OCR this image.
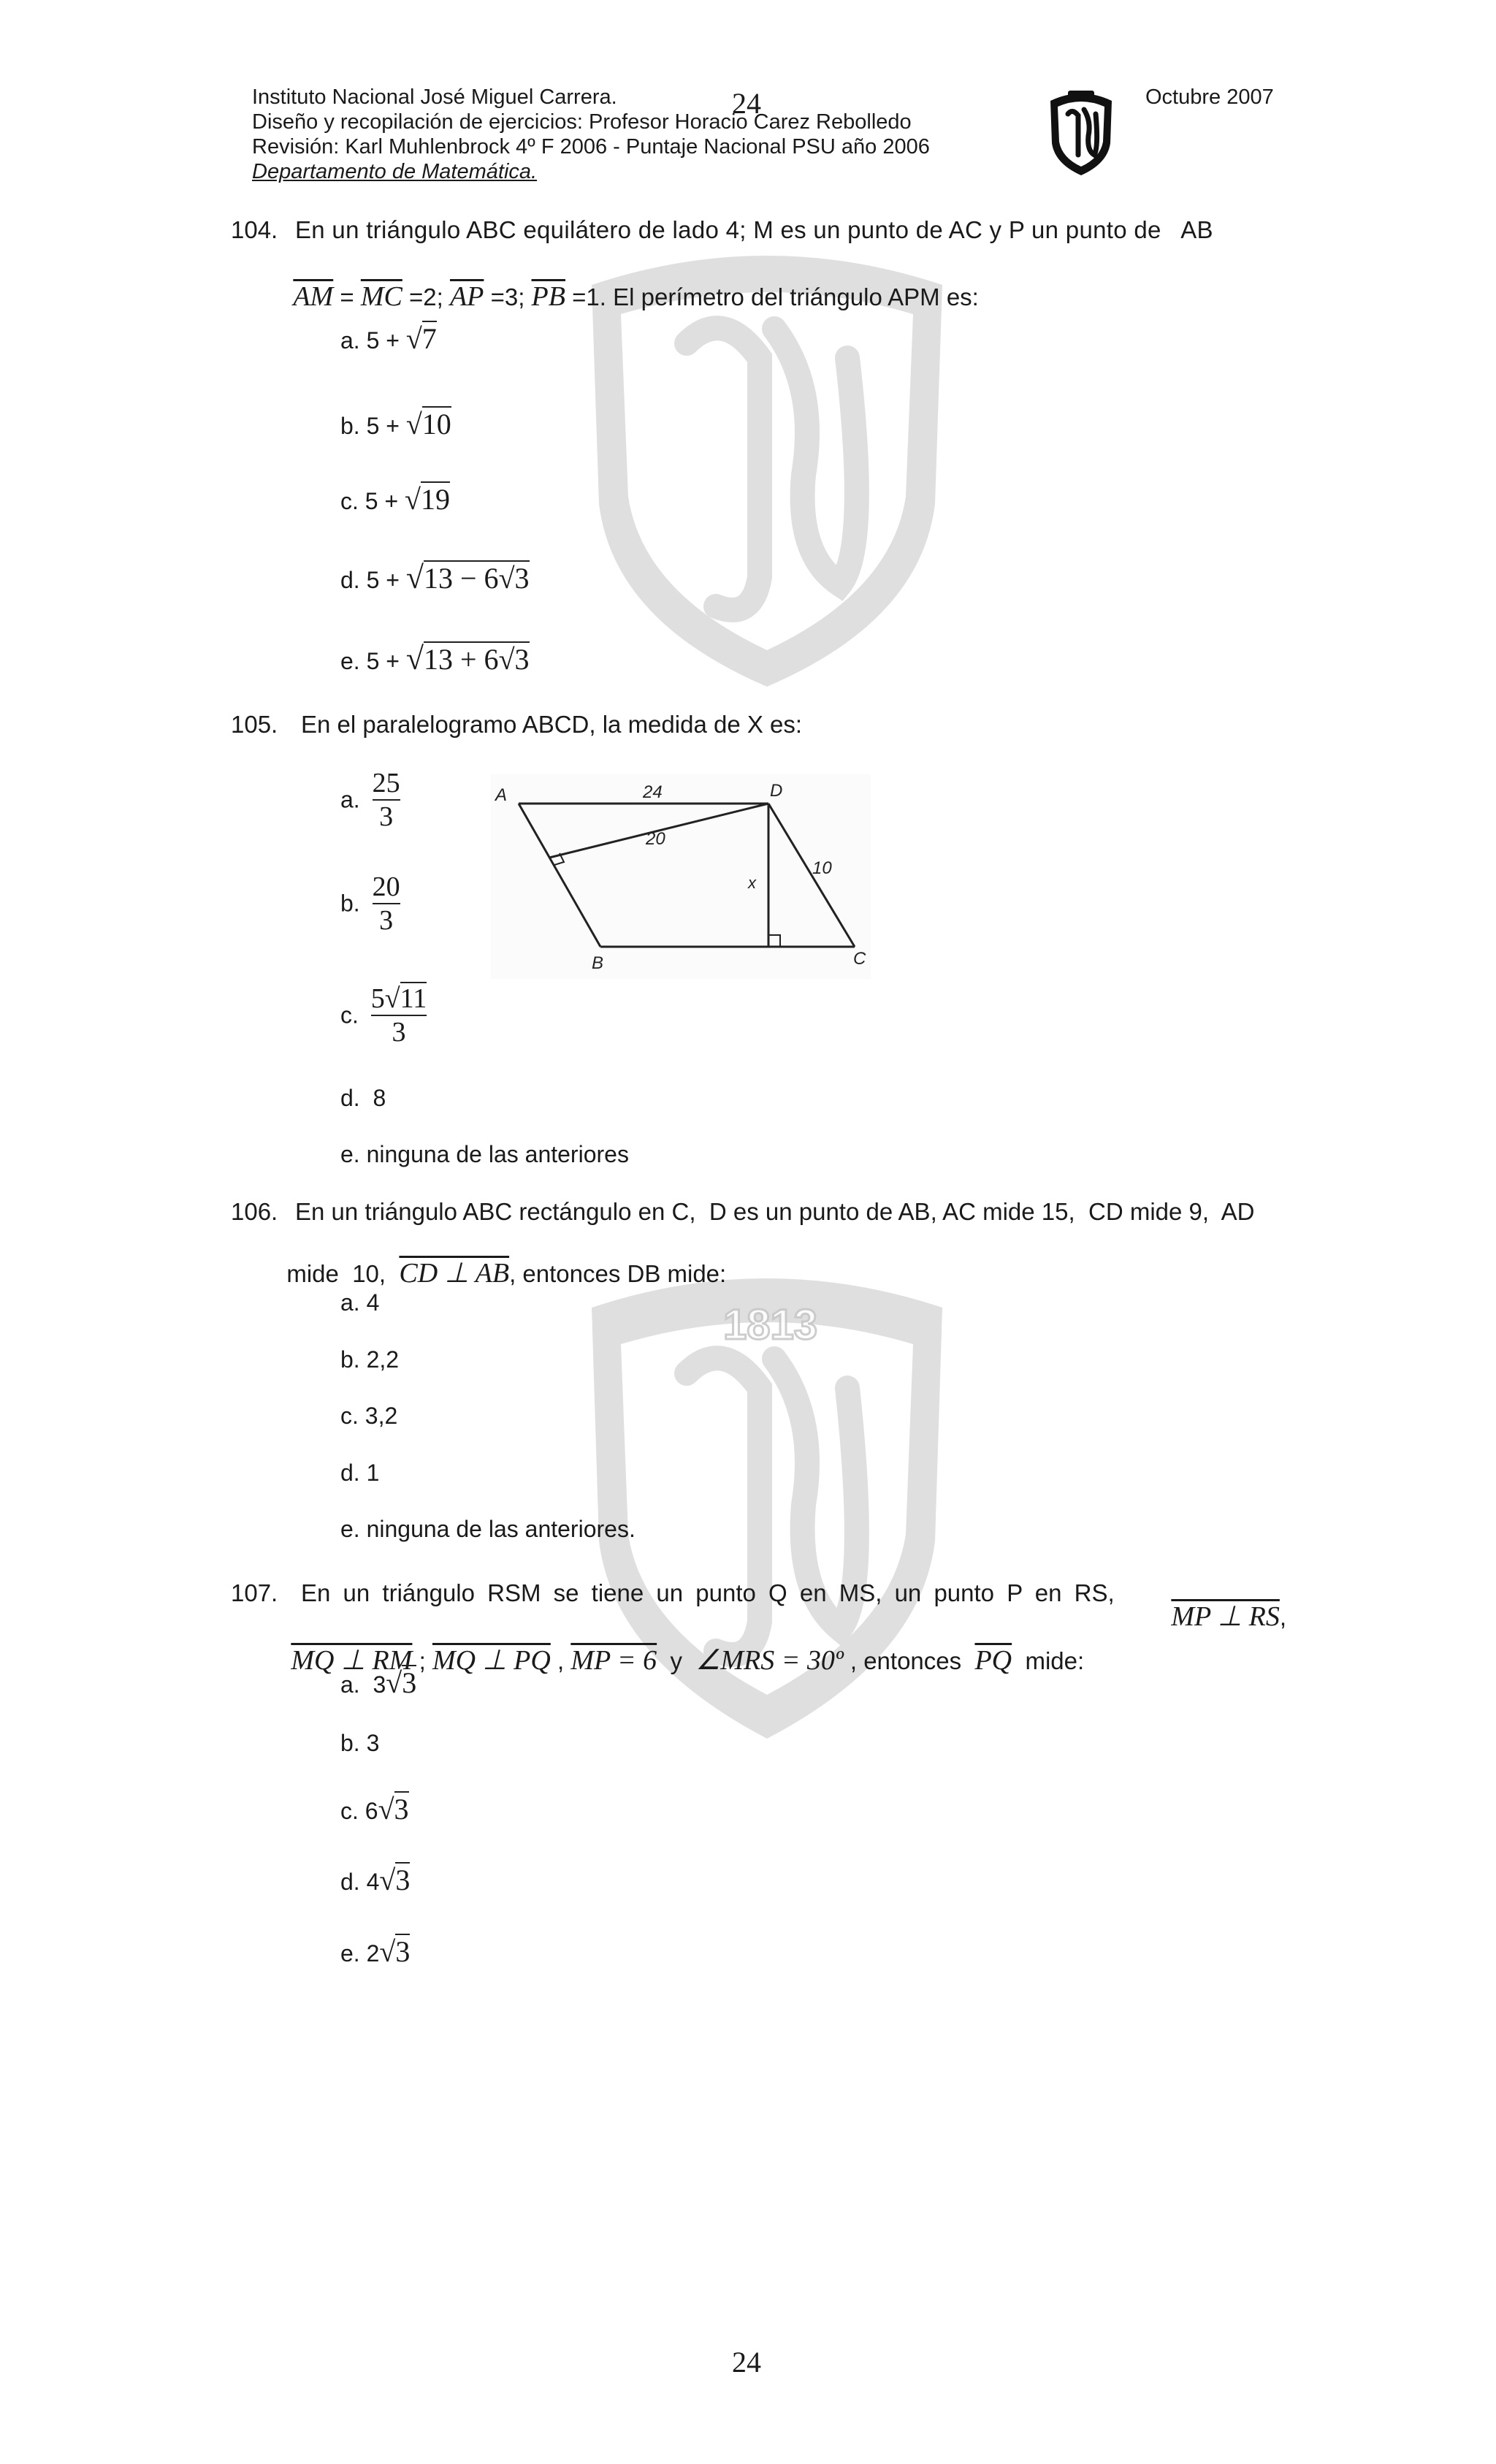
1813
Instituto Nacional José Miguel Carrera.
Diseño y recopilación de ejercicios: Profesor Horacio Carez Rebolledo
Revisión: Karl Muhlenbrock 4º F 2006 - Puntaje Nacional PSU año 2006
Departamento de Matemática.
24	Octubre 2007
104. En un triángulo ABC equilátero de lado 4; M es un punto de AC y P un punto de   AB

$\overline{AM} = \overline{MC} =2$; $\overline{AP} =3$; $\overline{PB} =1$. El perímetro del triángulo APM es:

a. 5 + √7
b. 5 + √10
c. 5 + √19
d. 5 + √13 − 6√3
e. 5 + √13 + 6√3
105. En el paralelogramo ABCD, la medida de X es:
a. $\frac{25}{3}$
b. $\frac{20}{3}$
c. $\frac{5√11}{3}$
d.  8
e. ninguna de las anteriores
A	D
B	C
24
20
10
x
106. En un triángulo ABC rectángulo en C,  D es un punto de AB, AC mide 15,  CD mide 9,  AD

mide  10,  CD ⊥ AB, entonces DB mide:

a. 4
b. 2,2
c. 3,2
d. 1
e. ninguna de las anteriores.
107. En un triángulo RSM se tiene un punto Q en MS, un punto P en RS,

MP ⊥ RS,

MQ ⊥ RM ; MQ ⊥ PQ , MP = 6  y  ∠MRS = 30º , entonces  $\overline{PQ}$  mide:

a.  3√3
b. 3
c. 6√3
d. 4√3
e. 2√3
24
